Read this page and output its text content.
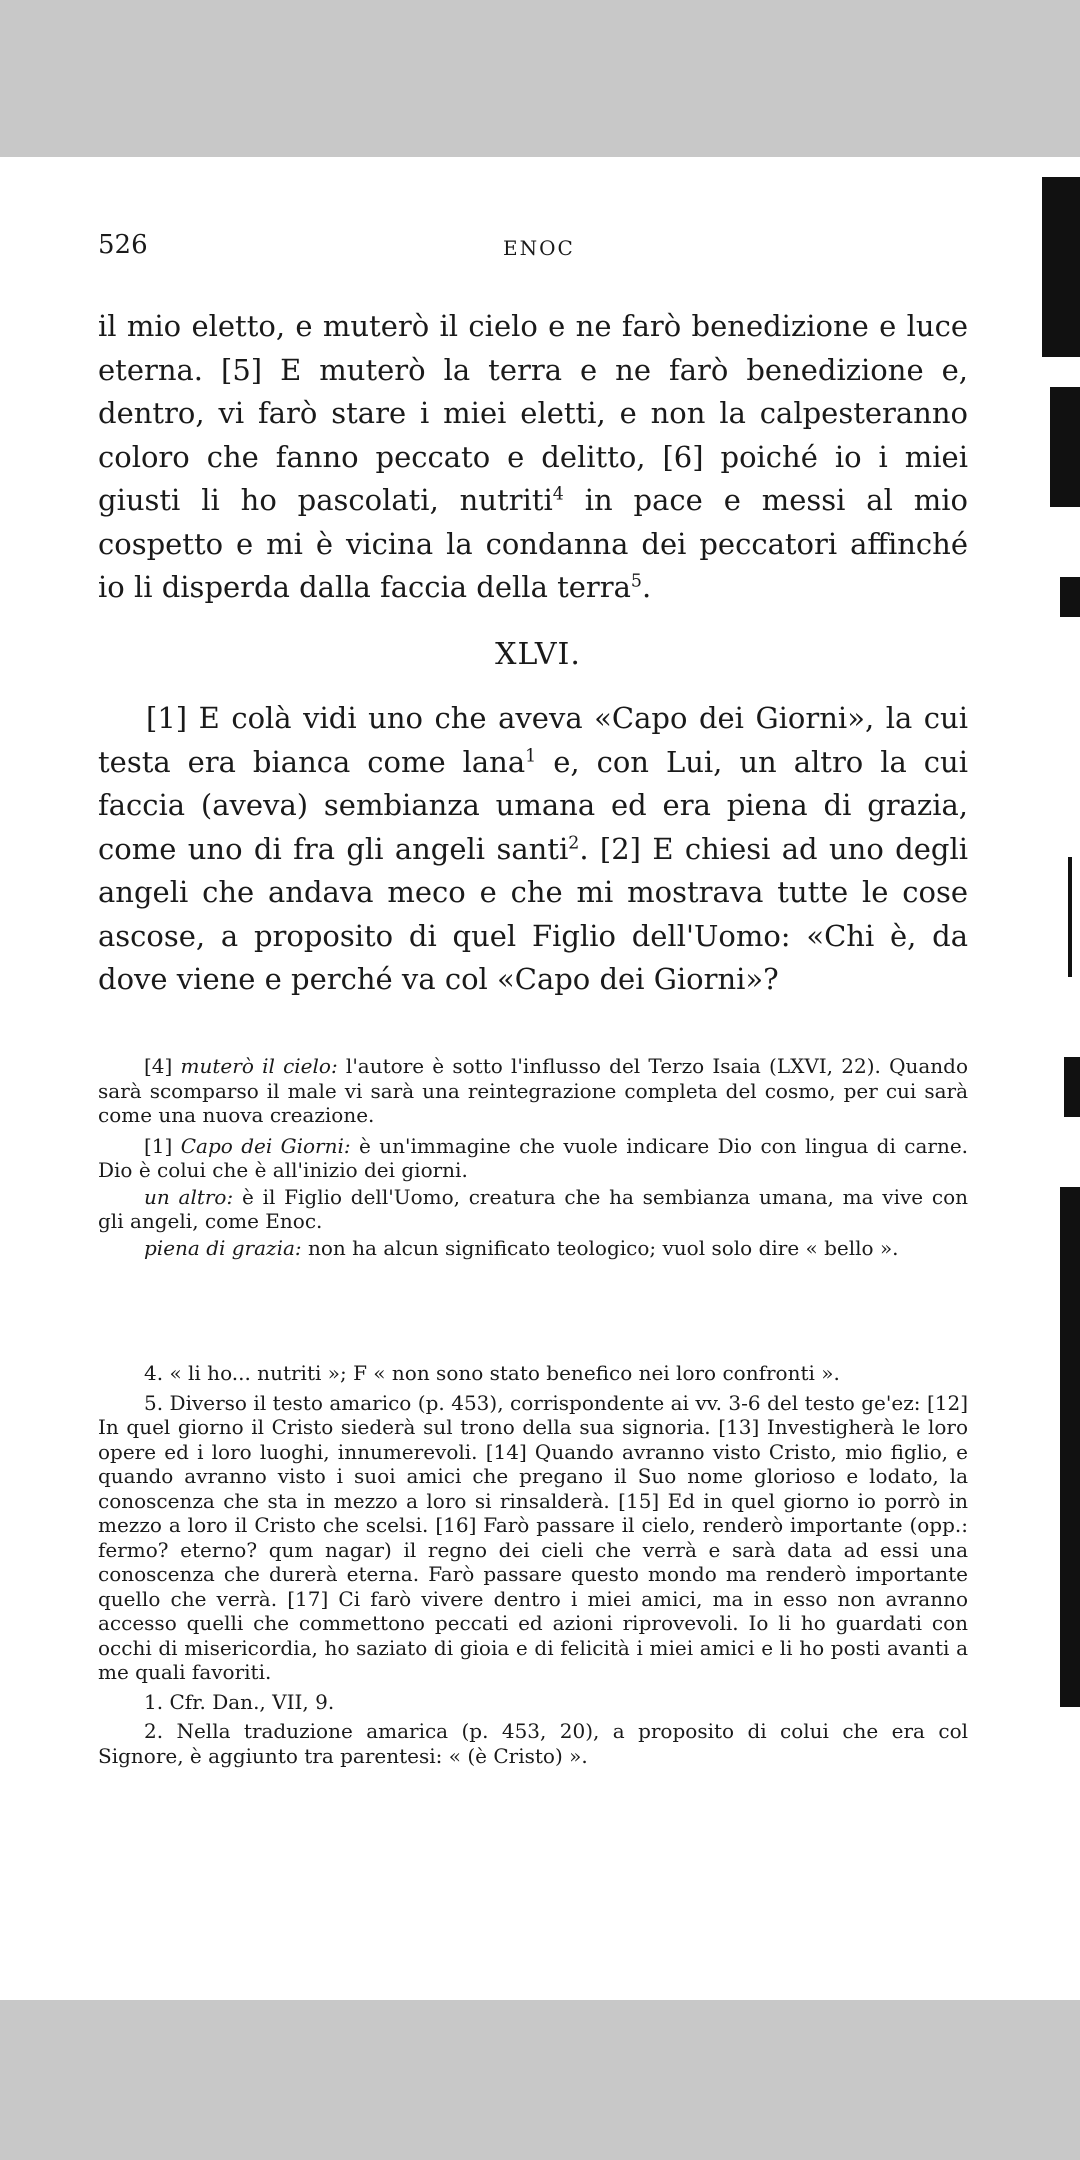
526	ENOC
il mio eletto, e muterò il cielo e ne farò benedizione e luce eterna. [5] E muterò la terra e ne farò benedizione e, dentro, vi farò stare i miei eletti, e non la calpesteranno coloro che fanno peccato e delitto, [6] poiché io i miei giusti li ho pascolati, nutriti$^4$ in pace e messi al mio cospetto e mi è vicina la condanna dei peccatori affinché io li disperda dalla faccia della terra$^5$.
XLVI.
[1] E colà vidi uno che aveva «Capo dei Giorni», la cui testa era bianca come lana$^1$ e, con Lui, un altro la cui faccia (aveva) sembianza umana ed era piena di grazia, come uno di fra gli angeli santi$^2$. [2] E chiesi ad uno degli angeli che andava meco e che mi mostrava tutte le cose ascose, a proposito di quel Figlio dell'Uomo: «Chi è, da dove viene e perché va col «Capo dei Giorni»?

[4] muterò il cielo: l'autore è sotto l'influsso del Terzo Isaia (LXVI, 22). Quando sarà scomparso il male vi sarà una reintegrazione completa del cosmo, per cui sarà come una nuova creazione.

[1] Capo dei Giorni: è un'immagine che vuole indicare Dio con lingua di carne. Dio è colui che è all'inizio dei giorni.

un altro: è il Figlio dell'Uomo, creatura che ha sembianza umana, ma vive con gli angeli, come Enoc.

piena di grazia: non ha alcun significato teologico; vuol solo dire « bello ».

4. « li ho... nutriti »; F « non sono stato benefico nei loro confronti ».

5. Diverso il testo amarico (p. 453), corrispondente ai vv. 3-6 del testo ge'ez: [12] In quel giorno il Cristo siederà sul trono della sua signoria. [13] Investigherà le loro opere ed i loro luoghi, innumerevoli. [14] Quando avranno visto Cristo, mio figlio, e quando avranno visto i suoi amici che pregano il Suo nome glorioso e lodato, la conoscenza che sta in mezzo a loro si rinsalderà. [15] Ed in quel giorno io porrò in mezzo a loro il Cristo che scelsi. [16] Farò passare il cielo, renderò importante (opp.: fermo? eterno? qum nagar) il regno dei cieli che verrà e sarà data ad essi una conoscenza che durerà eterna. Farò passare questo mondo ma renderò importante quello che verrà. [17] Ci farò vivere dentro i miei amici, ma in esso non avranno accesso quelli che commettono peccati ed azioni riprovevoli. Io li ho guardati con occhi di misericordia, ho saziato di gioia e di felicità i miei amici e li ho posti avanti a me quali favoriti.

1. Cfr. Dan., VII, 9.

2. Nella traduzione amarica (p. 453, 20), a proposito di colui che era col Signore, è aggiunto tra parentesi: « (è Cristo) ».
